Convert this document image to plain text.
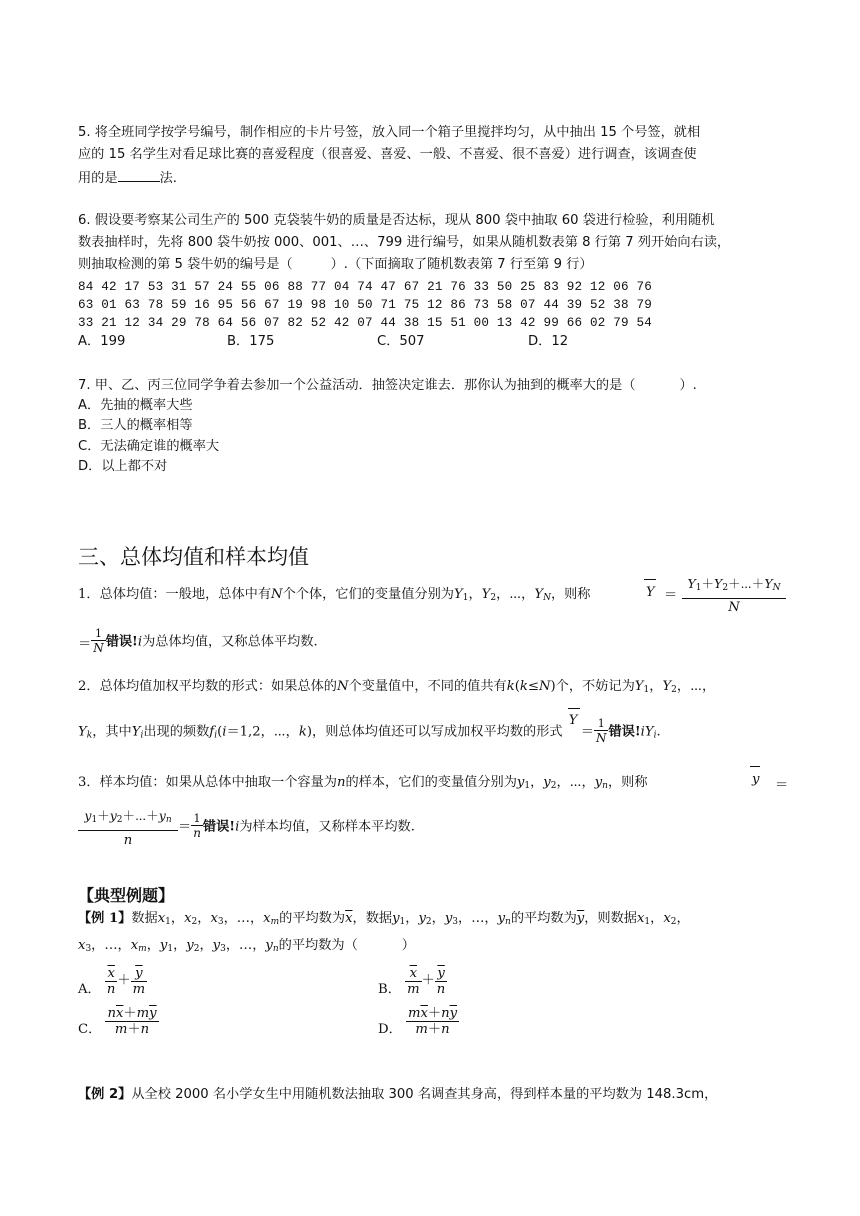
5. 将全班同学按学号编号，制作相应的卡片号签，放入同一个箱子里搅拌均匀，从中抽出 15 个号签，就相
应的 15 名学生对看足球比赛的喜爱程度（很喜爱、喜爱、一般、不喜爱、很不喜爱）进行调查，该调查使
用的是	法.
6. 假设要考察某公司生产的 500 克袋装牛奶的质量是否达标，现从 800 袋中抽取 60 袋进行检验，利用随机
数表抽样时，先将 800 袋牛奶按 000、001、…、799 进行编号，如果从随机数表第 8 行第 7 列开始向右读，
则抽取检测的第 5 袋牛奶的编号是（	）.（下面摘取了随机数表第 7 行至第 9 行）
84 42 17 53 31 57 24 55 06 88 77 04 74 47 67 21 76 33 50 25 83 92 12 06 76
63 01 63 78 59 16 95 56 67 19 98 10 50 71 75 12 86 73 58 07 44 39 52 38 79
33 21 12 34 29 78 64 56 07 82 52 42 07 44 38 15 51 00 13 42 99 66 02 79 54
A．199	B．175	C．507	D．12
7. 甲、乙、丙三位同学争着去参加一个公益活动．抽签决定谁去．那你认为抽到的概率大的是（	）.
A．先抽的概率大些
B．三人的概率相等
C．无法确定谁的概率大
D．以上都不对
三、总体均值和样本均值
1．总体均值：一般地，总体中有N个个体，它们的变量值分别为$Y_1$，$Y_2$，⋯，$Y_N$，则称	Y ＝
$Y_1+Y_2+\cdots+Y_N$
N
＝ $\frac{1}{N}$ 错误!i为总体均值，又称总体平均数.
2．总体均值加权平均数的形式：如果总体的N个变量值中，不同的值共有k(k≤N)个，不妨记为$Y_1$，$Y_2$，⋯，
$Y_k$，其中$Y_i$出现的频数$f_i(i=1,2$，⋯，k)，则总体均值还可以写成加权平均数的形式
Y
＝ $\frac{1}{N}$ 错误$!iY_i$.
3．样本均值：如果从总体中抽取一个容量为n的样本，它们的变量值分别为$y_1$，$y_2$，⋯，$y_n$，则称	y ＝
$y_1+y_2+\cdots+y_n$
n
＝ $\frac{1}{n}$ 错误!i为样本均值，又称样本平均数.
【典型例题】
【例 1】数据$x_1$，$x_2$，$x_3$，…，$x_m$的平均数为$\overline{x}$，数据$y_1$，$y_2$，$y_3$，…，$y_n$的平均数为$\overline{y}$，则数据$x_1$，$x_2$，
$x_3$，…，$x_m$，$y_1$，$y_2$，$y_3$，…，$y_n$的平均数为（	）
A． $\frac{\overline{x}}{n} + \frac{\overline{y}}{m}$	B． $\frac{\overline{x}}{m} + \frac{\overline{y}}{n}$
C． $\frac{n\overline{x}+m\overline{y}}{m+n}$	D． $\frac{m\overline{x}+n\overline{y}}{m+n}$
【例 2】从全校 2000 名小学女生中用随机数法抽取 300 名调查其身高，得到样本量的平均数为 148.3cm，
